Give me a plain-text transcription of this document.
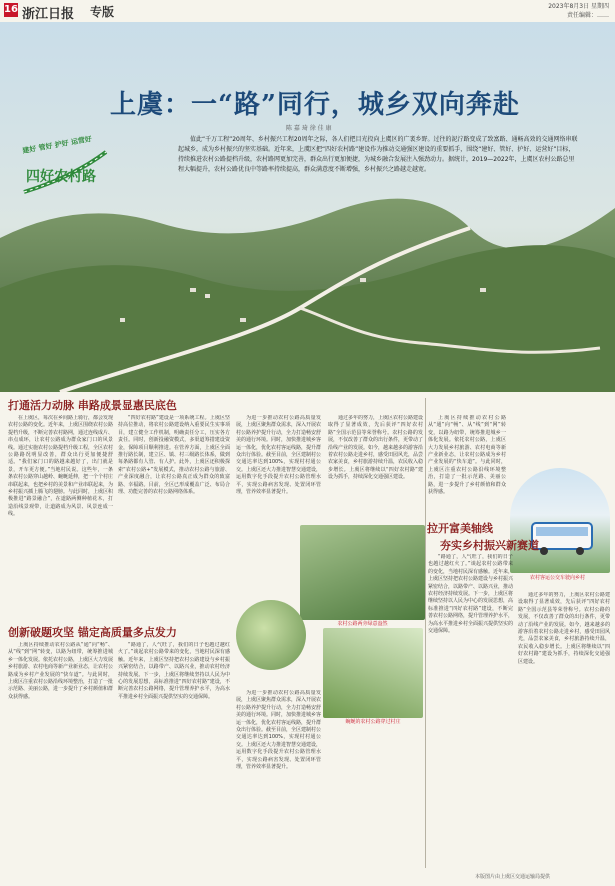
16 浙江日报 专版	2023年8月3日 星期四
责任编辑：……
上虞：一“路”同行，城乡双向奔赴
陈 嘉 琦 徐 佳 康
建好 管好 护好 运营好
四好农村路
值此“千万工程”20周年、乡村振兴工程20周年之际，各人们把目光投向上虞区的广袤乡野。过往的泥泞路变成了致富路、通畅高效的交通网络串联起城乡，成为乡村振兴的坚实基础。近年来，上虞区把“四好农村路”建设作为推动交通强区建设的重要抓手，围绕“建好、管好、护好、运营好”目标，持续推进农村公路提档升级，农村路网更加完善，群众出行更加便捷，为城乡融合发展注入强劲动力。据统计，2019—2022年，上虞区农村公路总里程大幅提升，农村公路优良中等路率持续提高，群众满意度不断增强，乡村振兴之路越走越宽。
打通活力动脉 串路成景显惠民底色
在上虞区，每次在乡间路上骑行，都会发现农村公路的变化。近年来，上虞区围绕农村公路提档升级，不断完善农村路网，通过连线成片、串点成环，让农村公路成为群众家门口的风景线。通过实施农村公路提档升级工程，全区农村公路路况明显改善，群众出行更加便捷舒适。“我们家门口的路越来越好了，出门就是景，开车更方便。”当地村民说。这些年，一条条农村公路穿山越岭、蜿蜒延伸，把一个个村庄串联起来，也把乡村的美景和产业串联起来，为乡村振兴插上腾飞的翅膀。与此同时，上虞区积极推进“路景融合”，在道路两侧种植花木，打造沿线景观带，让道路成为风景、风景连成一线。
“四好农村路”建设是一项系统工程。上虞区坚持高位推动，将农村公路建设纳入重要民生实事项目，建立健全工作机制，明确责任分工，压实各方责任。同时，创新投融资模式，多渠道筹措建设资金，保障项目顺利推进。在管养方面，上虞区全面推行路长制，建立区、镇、村三级路长体系，做到每条路都有人管、有人护。此外，上虞区还积极探索“农村公路+”发展模式，推动农村公路与旅游、产业深度融合，让农村公路真正成为群众的致富路、幸福路。目前，全区已形成覆盖广泛、布局合理、功能完善的农村公路网络体系。
为进一步推动农村公路高质量发展，上虞区聚焦群众需求，深入开展农村公路养护提升行动，全力打造畅安舒美的通行环境。同时，加快推进城乡客运一体化，优化农村客运线路，提升群众出行体验。截至目前，全区建制村公交通达率达到100%，实现村村通公交。上虞区还大力推进智慧交通建设，运用数字化手段提升农村公路管理水平，实现公路病害发现、处置闭环管理，管养效率显著提升。
通过多年的努力，上虞区农村公路建设取得了显著成效，先后获评“四好农村路”全国示范县等荣誉称号。农村公路的发展，不仅改善了群众的出行条件，更带动了沿线产业的发展。如今，越来越多的游客沿着农村公路走进乡村，感受田园风光，品尝农家美食，乡村旅游持续升温，农民收入稳步增长。上虞区将继续以“四好农村路”建设为抓手，持续深化交通强区建设。
创新破题攻坚 锚定高质量多点发力
上虞区持续推动农村公路从“通”向“畅”、从“线”到“网”转变，以路为纽带，统筹推进城乡一体化发展。依托农村公路，上虞区大力发展乡村旅游、农村电商等新产业新业态，让农村公路成为乡村产业发展的“快车道”。与此同时，上虞区注重农村公路沿线环境整治，打造了一批示范路、美丽公路，进一步提升了乡村颜值和群众获得感。
“路通了，人气旺了，我们的日子也越过越红火了。”谈起农村公路带来的变化，当地村民深有感触。近年来，上虞区坚持把农村公路建设与乡村振兴紧密结合，以路带产、以路兴业，推动农村经济持续发展。下一步，上虞区将继续坚持以人民为中心的发展思想，高标准推进“四好农村路”建设，不断完善农村公路网络，提升管理养护水平，为高水平推进乡村全面振兴提供坚实的交通保障。
为进一步推动农村公路高质量发展，上虞区聚焦群众需求，深入开展农村公路养护提升行动，全力打造畅安舒美的通行环境。同时，加快推进城乡客运一体化，优化农村客运线路，提升群众出行体验。截至目前，全区建制村公交通达率达到100%，实现村村通公交。上虞区还大力推进智慧交通建设，运用数字化手段提升农村公路管理水平，实现公路病害发现、处置闭环管理，管养效率显著提升。
农村公路两旁绿意盎然
蜿蜒的农村公路穿过村庄
农村客运公交车驶向乡村
拉开富美轴线
夯实乡村振兴新赛道
“路通了，人气旺了，我们的日子也越过越红火了。”谈起农村公路带来的变化，当地村民深有感触。近年来，上虞区坚持把农村公路建设与乡村振兴紧密结合，以路带产、以路兴业，推动农村经济持续发展。下一步，上虞区将继续坚持以人民为中心的发展思想，高标准推进“四好农村路”建设，不断完善农村公路网络，提升管理养护水平，为高水平推进乡村全面振兴提供坚实的交通保障。
通过多年的努力，上虞区农村公路建设取得了显著成效，先后获评“四好农村路”全国示范县等荣誉称号。农村公路的发展，不仅改善了群众的出行条件，更带动了沿线产业的发展。如今，越来越多的游客沿着农村公路走进乡村，感受田园风光，品尝农家美食，乡村旅游持续升温，农民收入稳步增长。上虞区将继续以“四好农村路”建设为抓手，持续深化交通强区建设。
上虞区持续推动农村公路从“通”向“畅”、从“线”到“网”转变，以路为纽带，统筹推进城乡一体化发展。依托农村公路，上虞区大力发展乡村旅游、农村电商等新产业新业态，让农村公路成为乡村产业发展的“快车道”。与此同时，上虞区注重农村公路沿线环境整治，打造了一批示范路、美丽公路，进一步提升了乡村颜值和群众获得感。
本版图片由上虞区交通运输局提供
